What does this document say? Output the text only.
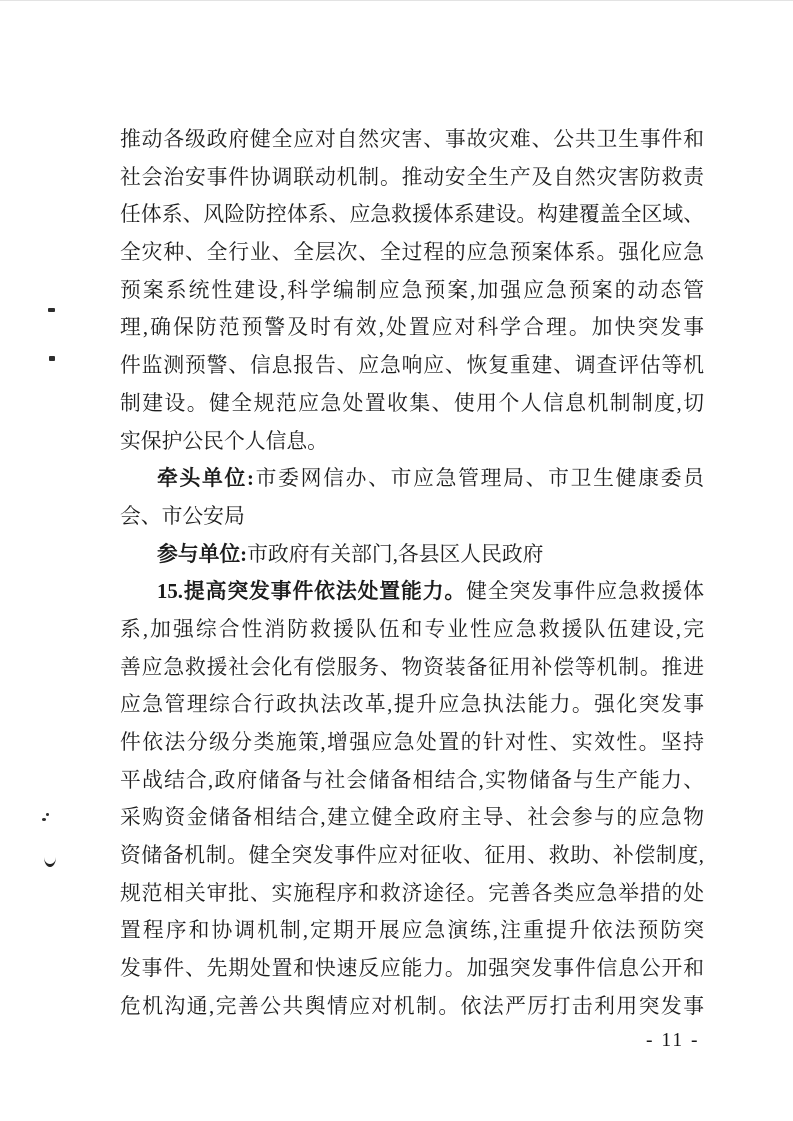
推动各级政府健全应对自然灾害、事故灾难、公共卫生事件和
社会治安事件协调联动机制。推动安全生产及自然灾害防救责
任体系、风险防控体系、应急救援体系建设。构建覆盖全区域、
全灾种、全行业、全层次、全过程的应急预案体系。强化应急
预案系统性建设,科学编制应急预案,加强应急预案的动态管
理,确保防范预警及时有效,处置应对科学合理。加快突发事
件监测预警、信息报告、应急响应、恢复重建、调查评估等机
制建设。健全规范应急处置收集、使用个人信息机制制度,切
实保护公民个人信息。
牵头单位:市委网信办、市应急管理局、市卫生健康委员
会、市公安局
参与单位:市政府有关部门,各县区人民政府
15.提高突发事件依法处置能力。健全突发事件应急救援体
系,加强综合性消防救援队伍和专业性应急救援队伍建设,完
善应急救援社会化有偿服务、物资装备征用补偿等机制。推进
应急管理综合行政执法改革,提升应急执法能力。强化突发事
件依法分级分类施策,增强应急处置的针对性、实效性。坚持
平战结合,政府储备与社会储备相结合,实物储备与生产能力、
采购资金储备相结合,建立健全政府主导、社会参与的应急物
资储备机制。健全突发事件应对征收、征用、救助、补偿制度,
规范相关审批、实施程序和救济途径。完善各类应急举措的处
置程序和协调机制,定期开展应急演练,注重提升依法预防突
发事件、先期处置和快速反应能力。加强突发事件信息公开和
危机沟通,完善公共舆情应对机制。依法严厉打击利用突发事
- 11 -
